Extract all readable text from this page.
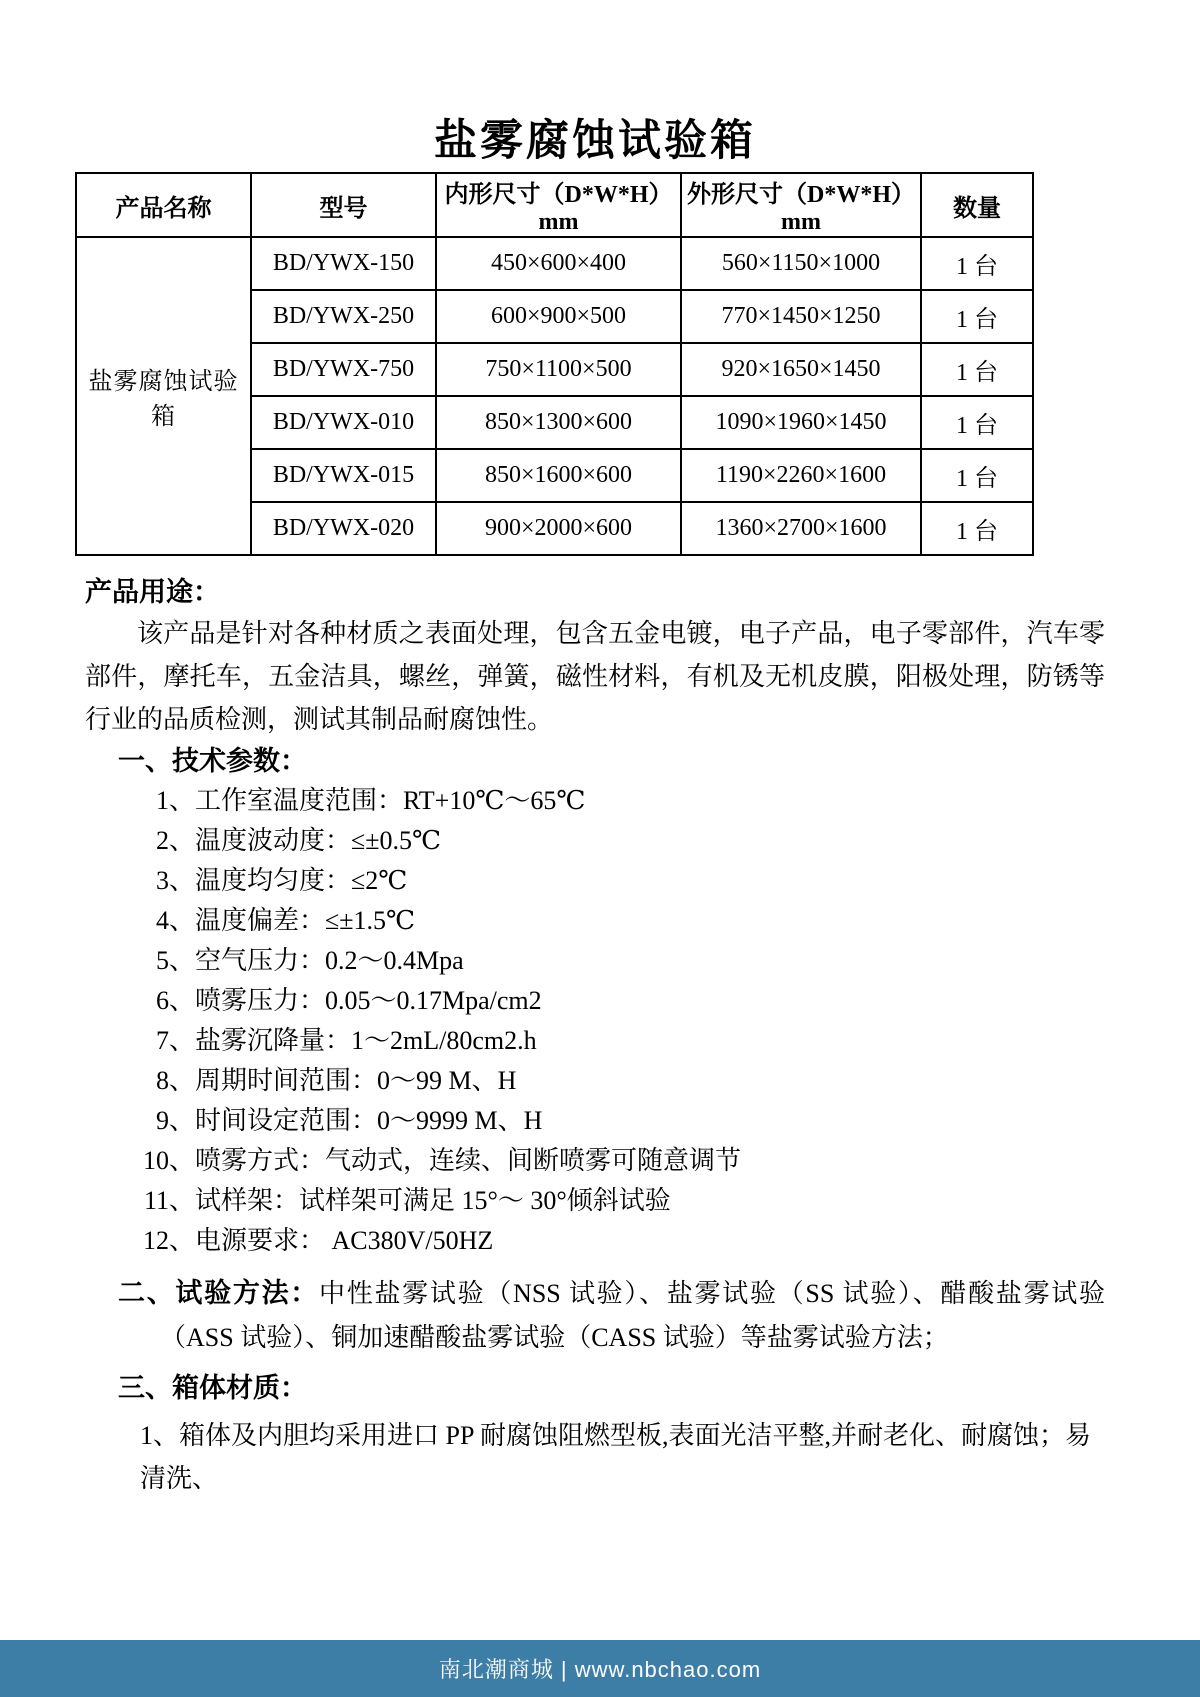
盐雾腐蚀试验箱
产品名称	型号	内形尺寸（D*W*H）mm	外形尺寸（D*W*H）mm	数量
盐雾腐蚀试验箱	BD/YWX-150	450×600×400	560×1150×1000	1 台
	BD/YWX-250	600×900×500	770×1450×1250	1 台
	BD/YWX-750	750×1100×500	920×1650×1450	1 台
	BD/YWX-010	850×1300×600	1090×1960×1450	1 台
	BD/YWX-015	850×1600×600	1190×2260×1600	1 台
	BD/YWX-020	900×2000×600	1360×2700×1600	1 台
产品用途：

该产品是针对各种材质之表面处理，包含五金电镀，电子产品，电子零部件，汽车零部件，摩托车，五金洁具，螺丝，弹簧，磁性材料，有机及无机皮膜，阳极处理，防锈等行业的品质检测，测试其制品耐腐蚀性。

一、技术参数：
1、 工作室温度范围：RT+10℃～65℃
2、 温度波动度：≤±0.5℃
3、 温度均匀度：≤2℃
4、 温度偏差：≤±1.5℃
5、 空气压力：0.2～0.4Mpa
6、 喷雾压力：0.05～0.17Mpa/cm2
7、 盐雾沉降量：1～2mL/80cm2.h
8、 周期时间范围：0～99 M、H
9、 时间设定范围：0～9999 M、H
10、 喷雾方式：气动式，连续、间断喷雾可随意调节
11、 试样架：试样架可满足 15°～ 30°倾斜试验
12、 电源要求： AC380V/50HZ

二、试验方法：中性盐雾试验（NSS 试验）、盐雾试验（SS 试验）、醋酸盐雾试验（ASS 试验）、铜加速醋酸盐雾试验（CASS 试验）等盐雾试验方法；

三、箱体材质：

1、箱体及内胆均采用进口 PP 耐腐蚀阻燃型板,表面光洁平整,并耐老化、耐腐蚀；易清洗、

南北潮商城 | www.nbchao.com
